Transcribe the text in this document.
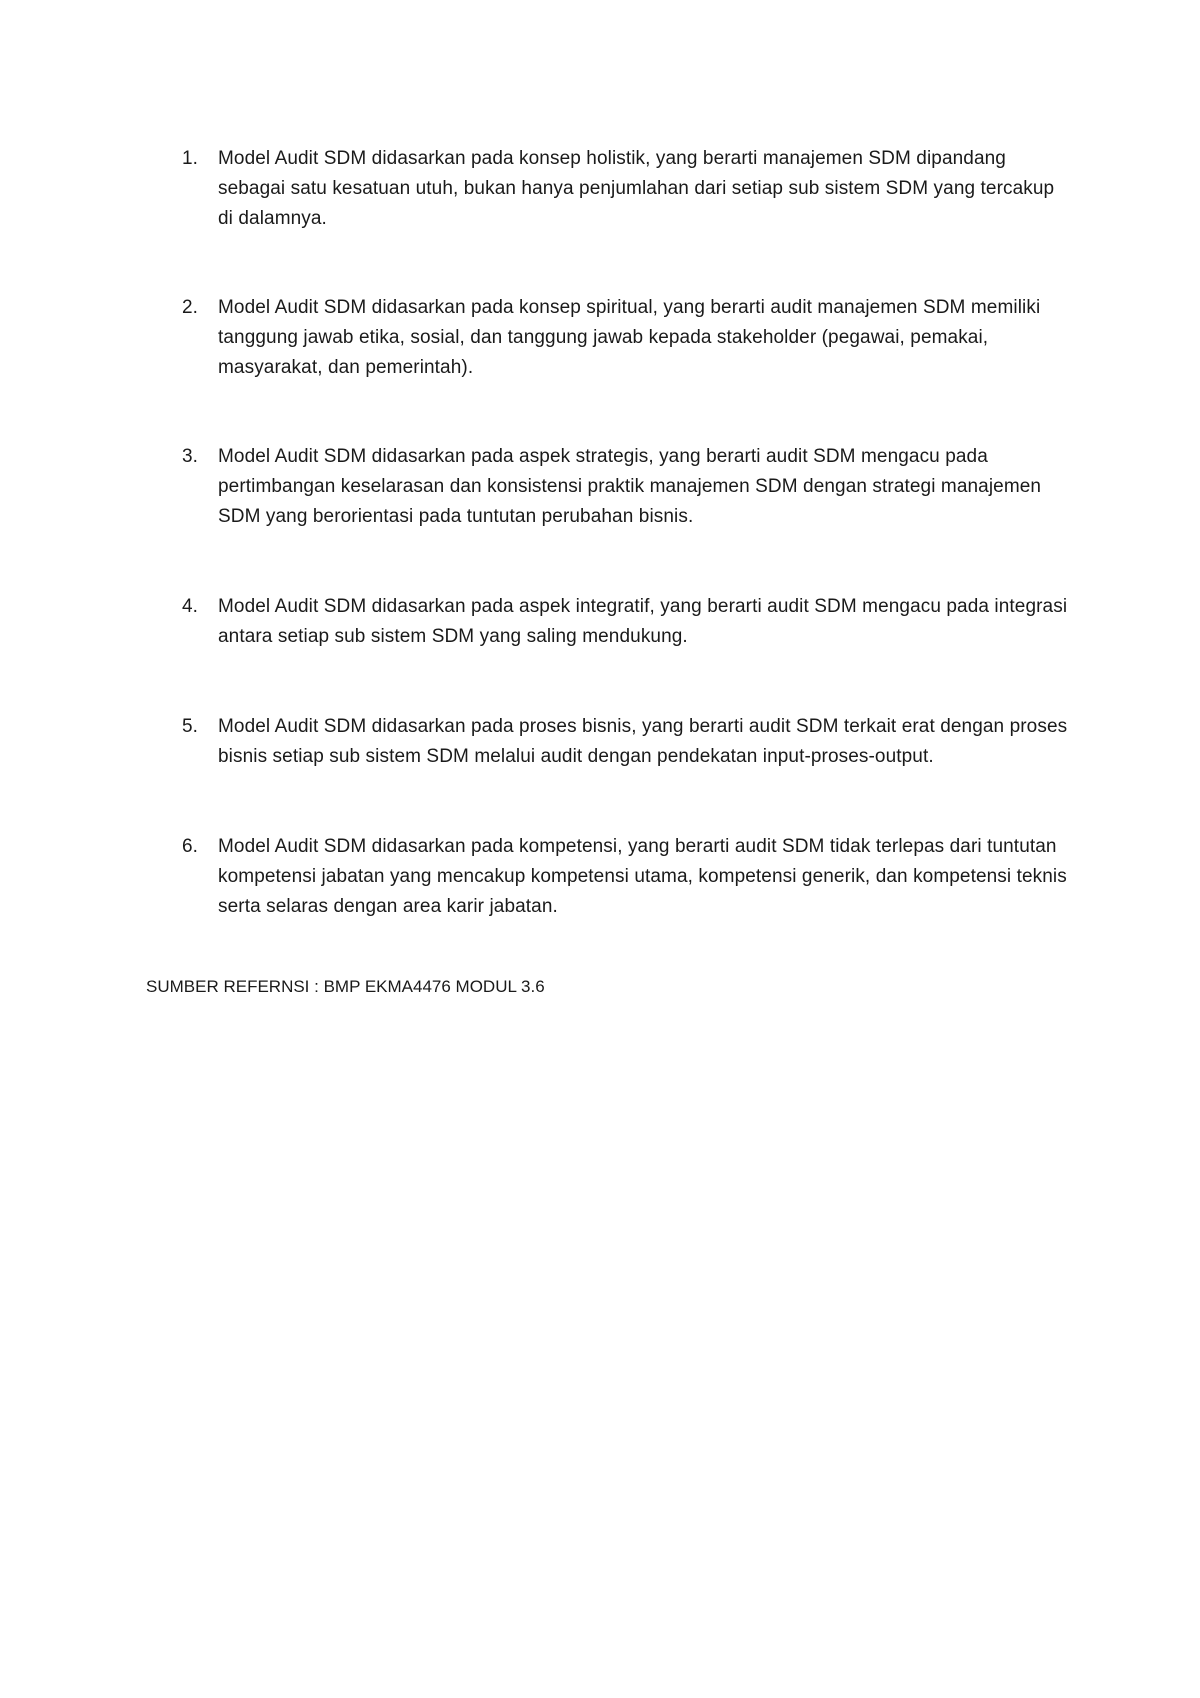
1.	Model Audit SDM didasarkan pada konsep holistik, yang berarti manajemen SDM dipandang sebagai satu kesatuan utuh, bukan hanya penjumlahan dari setiap sub sistem SDM yang tercakup di dalamnya.
2.	Model Audit SDM didasarkan pada konsep spiritual, yang berarti audit manajemen SDM memiliki tanggung jawab etika, sosial, dan tanggung jawab kepada stakeholder (pegawai, pemakai, masyarakat, dan pemerintah).
3.	Model Audit SDM didasarkan pada aspek strategis, yang berarti audit SDM mengacu pada pertimbangan keselarasan dan konsistensi praktik manajemen SDM dengan strategi manajemen SDM yang berorientasi pada tuntutan perubahan bisnis.
4.	Model Audit SDM didasarkan pada aspek integratif, yang berarti audit SDM mengacu pada integrasi antara setiap sub sistem SDM yang saling mendukung.
5.	Model Audit SDM didasarkan pada proses bisnis, yang berarti audit SDM terkait erat dengan proses bisnis setiap sub sistem SDM melalui audit dengan pendekatan input-proses-output.
6.	Model Audit SDM didasarkan pada kompetensi, yang berarti audit SDM tidak terlepas dari tuntutan kompetensi jabatan yang mencakup kompetensi utama, kompetensi generik, dan kompetensi teknis serta selaras dengan area karir jabatan.
SUMBER REFERNSI : BMP EKMA4476 MODUL 3.6
